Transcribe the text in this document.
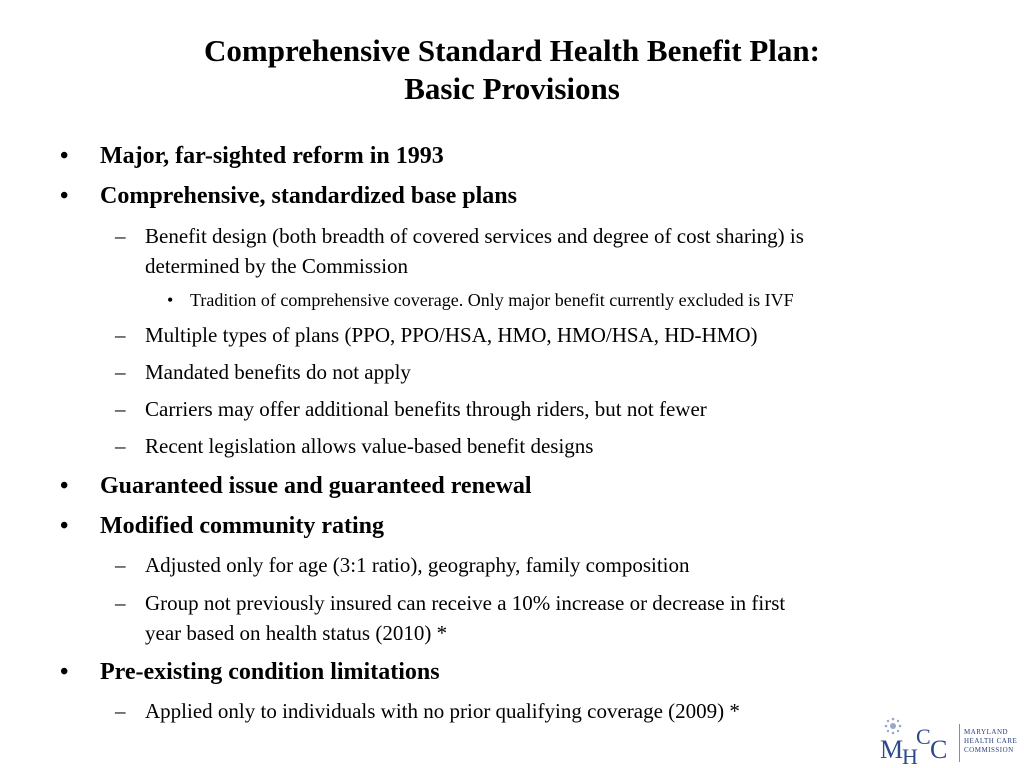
Comprehensive Standard Health Benefit Plan:
Basic Provisions
• Major, far-sighted reform in 1993
• Comprehensive, standardized base plans
– Benefit design (both breadth of covered services and degree of cost sharing) is
determined by the Commission
• Tradition of comprehensive coverage. Only major benefit currently excluded is IVF
– Multiple types of plans (PPO, PPO/HSA, HMO, HMO/HSA, HD-HMO)
– Mandated benefits do not apply
– Carriers may offer additional benefits through riders, but not fewer
– Recent legislation allows value-based benefit designs
• Guaranteed issue and guaranteed renewal
• Modified community rating
– Adjusted only for age (3:1 ratio), geography, family composition
– Group not previously insured can receive a 10% increase or decrease in first
year based on health status (2010) *
• Pre-existing condition limitations
– Applied only to individuals with no prior qualifying coverage (2009) *
M
H
C C
MARYLAND
HEALTH CARE
COMMISSION
